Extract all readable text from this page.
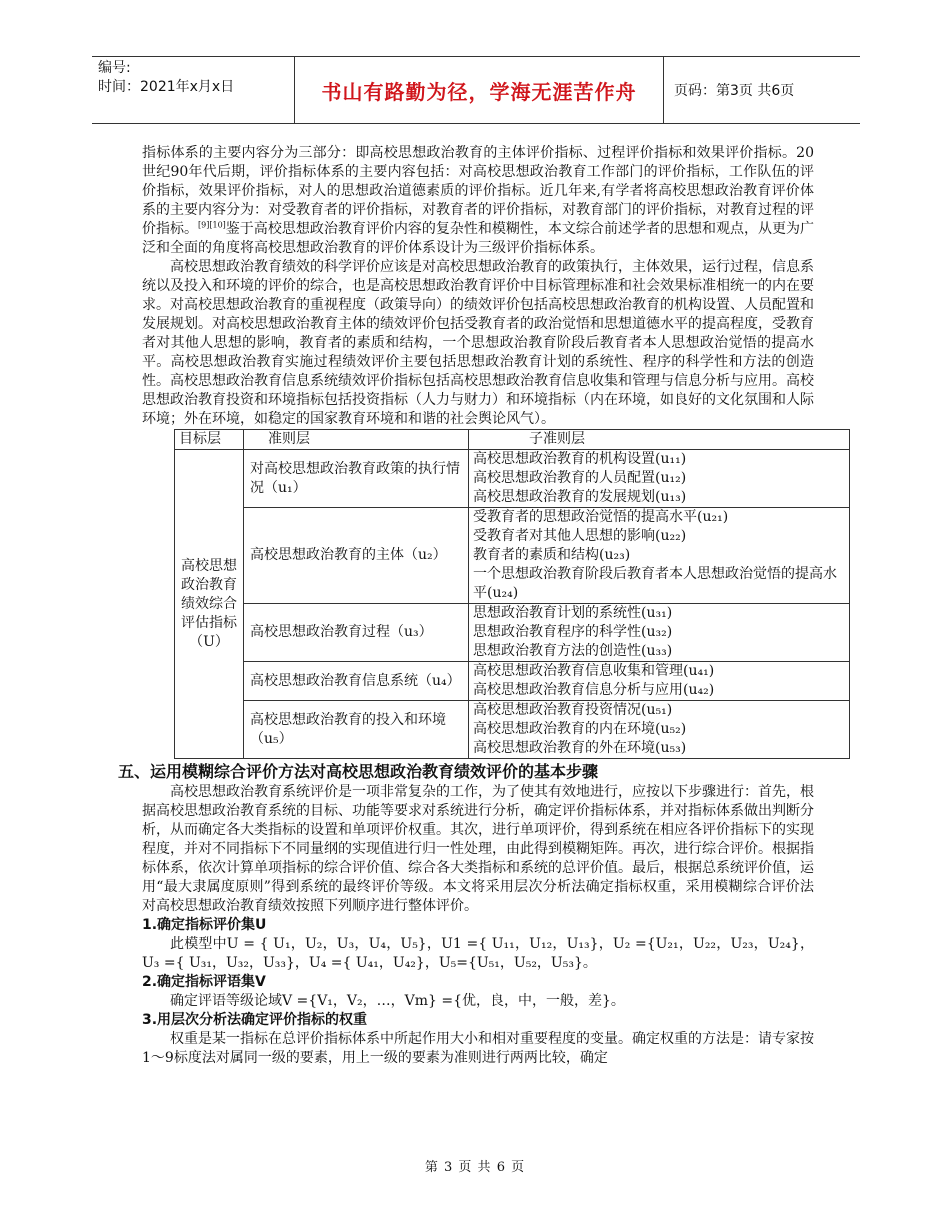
编号:
时间：2021年x月x日	书山有路勤为径，学海无涯苦作舟	页码：第3页 共6页

指标体系的主要内容分为三部分：即高校思想政治教育的主体评价指标、过程评价指标和效果评价指标。20世纪90年代后期，评价指标体系的主要内容包括：对高校思想政治教育工作部门的评价指标，工作队伍的评价指标，效果评价指标，对人的思想政治道德素质的评价指标。近几年来,有学者将高校思想政治教育评价体系的主要内容分为：对受教育者的评价指标，对教育者的评价指标，对教育部门的评价指标，对教育过程的评价指标。[9][10]鉴于高校思想政治教育评价内容的复杂性和模糊性，本文综合前述学者的思想和观点，从更为广泛和全面的角度将高校思想政治教育的评价体系设计为三级评价指标体系。

高校思想政治教育绩效的科学评价应该是对高校思想政治教育的政策执行，主体效果，运行过程，信息系统以及投入和环境的评价的综合，也是高校思想政治教育评价中目标管理标准和社会效果标准相统一的内在要求。对高校思想政治教育的重视程度（政策导向）的绩效评价包括高校思想政治教育的机构设置、人员配置和发展规划。对高校思想政治教育主体的绩效评价包括受教育者的政治觉悟和思想道德水平的提高程度，受教育者对其他人思想的影响，教育者的素质和结构，一个思想政治教育阶段后教育者本人思想政治觉悟的提高水平。高校思想政治教育实施过程绩效评价主要包括思想政治教育计划的系统性、程序的科学性和方法的创造性。高校思想政治教育信息系统绩效评价指标包括高校思想政治教育信息收集和管理与信息分析与应用。高校思想政治教育投资和环境指标包括投资指标（人力与财力）和环境指标（内在环境，如良好的文化氛围和人际环境；外在环境，如稳定的国家教育环境和和谐的社会舆论风气）。

目标层	准则层	子准则层
高校思想政治教育绩效综合评估指标（U）	对高校思想政治教育政策的执行情况（u₁）	高校思想政治教育的机构设置(u₁₁)
高校思想政治教育的人员配置(u₁₂)
高校思想政治教育的发展规划(u₁₃)

	高校思想政治教育的主体（u₂）	受教育者的思想政治觉悟的提高水平(u₂₁)
受教育者对其他人思想的影响(u₂₂)
教育者的素质和结构(u₂₃)
一个思想政治教育阶段后教育者本人思想政治觉悟的提高水平(u₂₄)

	高校思想政治教育过程（u₃）	思想政治教育计划的系统性(u₃₁)
思想政治教育程序的科学性(u₃₂)
思想政治教育方法的创造性(u₃₃)

	高校思想政治教育信息系统（u₄）	高校思想政治教育信息收集和管理(u₄₁)
高校思想政治教育信息分析与应用(u₄₂)

	高校思想政治教育的投入和环境（u₅）	高校思想政治教育投资情况(u₅₁)
高校思想政治教育的内在环境(u₅₂)
高校思想政治教育的外在环境(u₅₃)
五、运用模糊综合评价方法对高校思想政治教育绩效评价的基本步骤

高校思想政治教育系统评价是一项非常复杂的工作，为了使其有效地进行，应按以下步骤进行：首先，根据高校思想政治教育系统的目标、功能等要求对系统进行分析，确定评价指标体系，并对指标体系做出判断分析，从而确定各大类指标的设置和单项评价权重。其次，进行单项评价，得到系统在相应各评价指标下的实现程度，并对不同指标下不同量纲的实现值进行归一性处理，由此得到模糊矩阵。再次，进行综合评价。根据指标体系，依次计算单项指标的综合评价值、综合各大类指标和系统的总评价值。最后，根据总系统评价值，运用“最大隶属度原则”得到系统的最终评价等级。本文将采用层次分析法确定指标权重，采用模糊综合评价法对高校思想政治教育绩效按照下列顺序进行整体评价。

1.确定指标评价集U

此模型中U = { U₁，U₂，U₃，U₄，U₅}，U1 ={ U₁₁，U₁₂，U₁₃}，U₂ ={U₂₁，U₂₂，U₂₃，U₂₄}， U₃ ={ U₃₁，U₃₂，U₃₃}，U₄ ={ U₄₁，U₄₂}，U₅={U₅₁，U₅₂，U₅₃}。

2.确定指标评语集V

确定评语等级论域V ={V₁，V₂，…，Vm} ={优，良，中，一般，差}。

3.用层次分析法确定评价指标的权重

权重是某一指标在总评价指标体系中所起作用大小和相对重要程度的变量。确定权重的方法是：请专家按1～9标度法对属同一级的要素，用上一级的要素为准则进行两两比较，确定

第 3 页 共 6 页
